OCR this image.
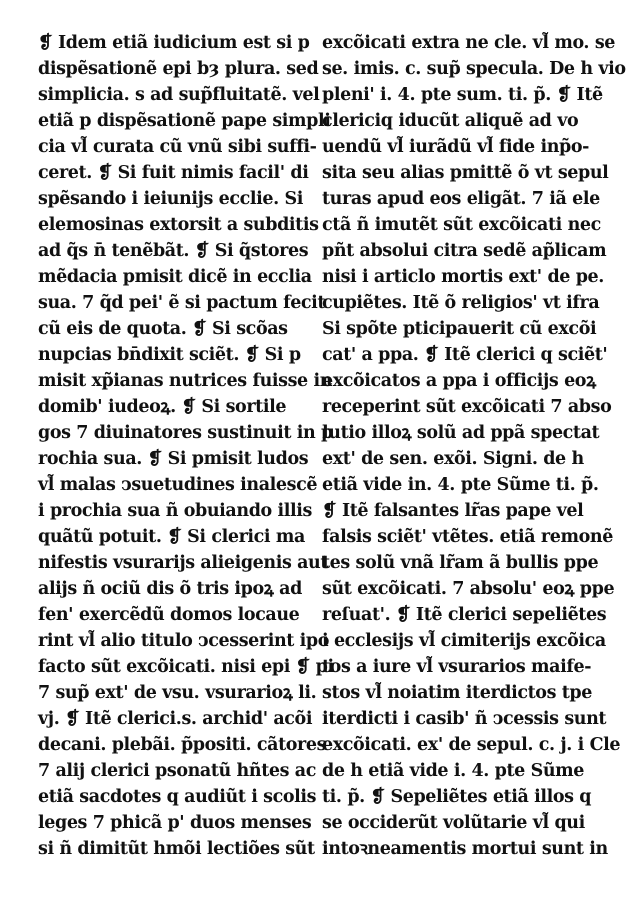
❡ Idem etiã iudicium est si p
dispẽsationẽ epi bȝ plura. sed
simplicia. s ad sup̃fluitatẽ. vel
etiã p dispẽsationẽ pape simpli
cia vl̃ curata cũ vnũ sibi suffi-
ceret. ❡ Si fuit nimis facil' di
spẽsando i ieiunijs ecclie. Si
elemosinas extorsit a subditis
ad q̃s n̄ tenẽbãt. ❡ Si q̃stores
mẽdacia pmisit dicẽ in ecclia
sua. 7 q̃d pei' ẽ si pactum fecit
cũ eis de quota. ❡ Si scõas
nupcias bn̄dixit sciẽt. ❡ Si p
misit xp̃ianas nutrices fuisse in
domib' iudeoꝝ. ❡ Si sortile
gos 7 diuinatores sustinuit in p
rochia sua. ❡ Si pmisit ludos
vl̃ malas ↄsuetudines inalescẽ
i prochia sua ñ obuiando illis
quãtũ potuit. ❡ Si clerici ma
nifestis vsurarijs alieigenis aut
alijs ñ ociũ dis õ tris ipoꝝ ad
fen' exercẽdũ domos locaue
rint vl̃ alio titulo ↄcesserint ipo
facto sũt excõicati. nisi epi ❡ pi
7 sup̃ ext' de vsu. vsurarioꝝ li.
vj. ❡ Itẽ clerici.s. archid' acõi
decani. plebãi. p̃positi. cãtores
7 alij clerici psonatũ hñtes ac
etiã sacdotes q audiũt i scolis
leges 7 phicã p' duos menses
si ñ dimitũt hmõi lectiões sũt
excõicati extra ne cle. vl̃ mo. se
se. imis. c. sup̃ specula. De h vio
pleni' i. 4. pte sum. ti. p̃. ❡ Itẽ
clericiq iducũt aliquẽ ad vo
uendũ vl̃ iurãdũ vl̃ fide inp̃o-
sita seu alias pmittẽ õ vt sepul
turas apud eos eligãt. 7 iã ele
ctã ñ imutẽt sũt excõicati nec
pñt absolui citra sedẽ ap̃licam
nisi i articlo mortis ext' de pe.
cupiẽtes. Itẽ õ religios' vt ifra
Si spõte pticipauerit cũ excõi
cat' a ppa. ❡ Itẽ clerici q sciẽt'
excõicatos a ppa i officijs eoꝝ
receperint sũt excõicati 7 abso
lutio illoꝝ solũ ad ppã spectat
ext' de sen. exõi. Signi. de h
etiã vide in. 4. pte Sũme ti. p̃.
❡ Itẽ falsantes lr̃as pape vel
falsis sciẽt' vtẽtes. etiã remonẽ
tes solũ vnã lr̃am ã bullis ppe
sũt excõicati. 7 absolu' eoꝝ ppe
reſuat'. ❡ Itẽ clerici sepeliẽtes
i ecclesijs vl̃ cimiterijs excõica
tos a iure vl̃ vsurarios maife-
stos vl̃ noiatim iterdictos tpe
iterdicti i casib' ñ ↄcessis sunt
excõicati. ex' de sepul. c. j. i Cle
de h etiã vide i. 4. pte Sũme
ti. p̃. ❡ Sepeliẽtes etiã illos q
se occiderũt volũtarie vl̃ qui
intoꝛneamentis mortui sunt in
